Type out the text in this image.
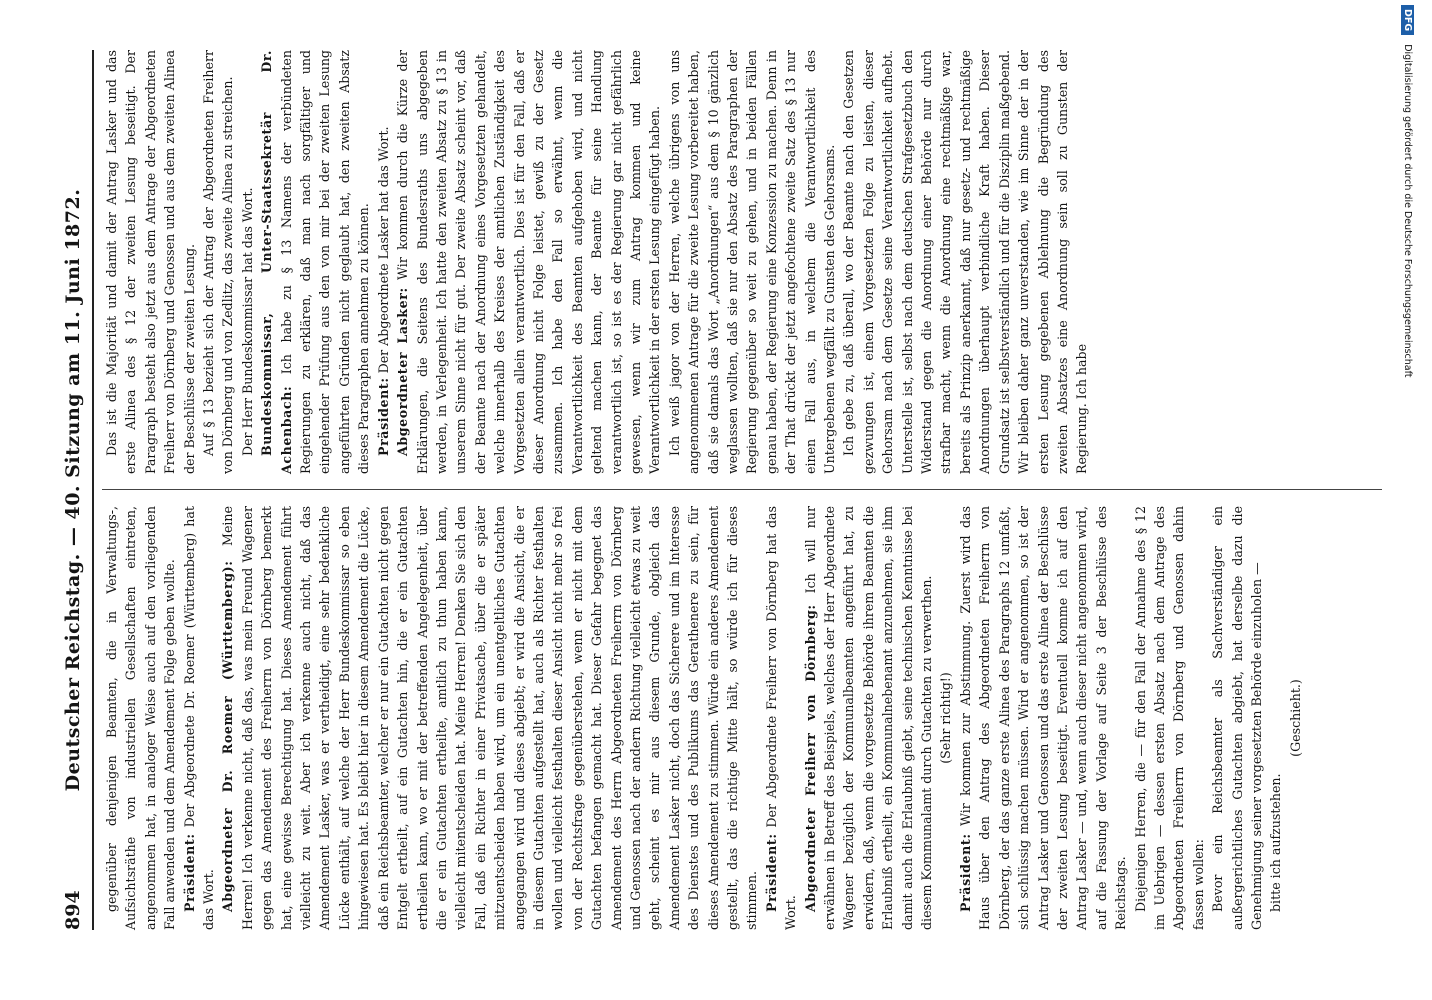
894
Deutscher Reichstag. — 40. Sitzung am 11. Juni 1872. gegenüber denjenigen Beamten, die in Verwaltungs-, Aufsichtsräthe von industriellen Gesellschaften eintreten, angenommen hat, in analoger Weise auch auf den vorliegenden Fall anwenden und dem Amendement Folge geben wollte. Präsident: Der Abgeordnete Dr. Roemer (Württemberg) hat das Wort. Abgeordneter Dr. Roemer (Württemberg): Meine Herren! Ich verkenne nicht, daß das, was mein Freund Wagener gegen das Amendement des Freiherrn von Dörnberg bemerkt hat, eine gewisse Berechtigung hat. Dieses Amendement führt vielleicht zu weit. Aber ich verkenne auch nicht, daß das Amendement Lasker, was er vertheidigt, eine sehr bedenkliche Lücke enthält, auf welche der Herr Bundeskommissar so eben hingewiesen hat. Es bleibt hier in diesem Amendement die Lücke, daß ein Reichsbeamter, welcher er nur ein Gutachten nicht gegen Entgelt ertheilt, auf ein Gutachten hin, die er ein Gutachten ertheilen kann, wo er mit der betreffenden Angelegenheit, über die er ein Gutachten ertheilte, amtlich zu thun haben kann, vielleicht mitentscheiden hat. Meine Herren! Denken Sie sich den Fall, daß ein Richter in einer Privatsache, über die er später mitzuentscheiden haben wird, um ein unentgeltliches Gutachten angegangen wird und dieses abgiebt; er wird die Ansicht, die er in diesem Gutachten aufgestellt hat, auch als Richter festhalten wollen und vielleicht festhalten dieser Ansicht nicht mehr so frei von der Rechtsfrage gegenüberstehen, wenn er nicht mit dem Gutachten befangen gemacht hat. Dieser Gefahr begegnet das Amendement des Herrn Abgeordneten Freiherrn von Dörnberg und Genossen nach der andern Richtung vielleicht etwas zu weit geht, scheint es mir aus diesem Grunde, obgleich das Amendement Lasker nicht, doch das Sicherere und im Interesse des Dienstes und des Publikums das Gerathenere zu sein, für dieses Amendement zu stimmen. Würde ein anderes Amendement gestellt, das die richtige Mitte hält, so würde ich für dieses stimmen. Präsident: Der Abgeordnete Freiherr von Dörnberg hat das Wort.

Abgeordneter Freiherr von Dörnberg: Ich will nur erwähnen in Betreff des Beispiels, welches der Herr Abgeordnete Wagener bezüglich der Kommunalbeamten angeführt hat, zu erwidern, daß, wenn die vorgesetzte Behörde ihrem Beamten die Erlaubniß ertheilt, ein Kommunalnebenamt anzunehmen, sie ihm damit auch die Erlaubniß giebt, seine technischen Kenntnisse bei diesem Kommunalamt durch Gutachten zu verwerthen. (Sehr richtig!)

Präsident: Wir kommen zur Abstimmung. Zuerst wird das Haus über den Antrag des Abgeordneten Freiherrn von Dörnberg, der das ganze erste Alinea des Paragraphs 12 umfaßt, sich schlüssig machen müssen. Wird er angenommen, so ist der Antrag Lasker und Genossen und das erste Alinea der Beschlüsse der zweiten Lesung beseitigt. Eventuell komme ich auf den Antrag Lasker — und, wenn auch dieser nicht angenommen wird, auf die Fassung der Vorlage auf Seite 3 der Beschlüsse des Reichstags. Diejenigen Herren, die — für den Fall der Annahme des § 12 im Uebrigen — dessen ersten Absatz nach dem Antrage des Abgeordneten Freiherrn von Dörnberg und Genossen dahin fassen wollen: Bevor ein Reichsbeamter als Sachverständiger ein außergerichtliches Gutachten abgiebt, hat derselbe dazu die Genehmigung seiner vorgesetzten Behörde einzuholen — bitte ich aufzustehen.

(Geschieht.)

Das ist die Majorität und damit der Antrag Lasker und das erste Alinea des § 12 der zweiten Lesung beseitigt. Der Paragraph besteht also jetzt aus dem Antrage der Abgeordneten Freiherr von Dörnberg und Genossen und aus dem zweiten Alinea der Beschlüsse der zweiten Lesung. Auf § 13 bezieht sich der Antrag der Abgeordneten Freiherr von Dörnberg und von Zedlitz, das zweite Alinea zu streichen. Der Herr Bundeskommissar hat das Wort. Bundeskommissar, Unter-Staatssekretär Dr. Achenbach: Ich habe zu § 13 Namens der verbündeten Regierungen zu erklären, daß man nach sorgfältiger und eingehender Prüfung aus den von mir bei der zweiten Lesung angeführten Gründen nicht geglaubt hat, den zweiten Absatz dieses Paragraphen annehmen zu können. Präsident: Der Abgeordnete Lasker hat das Wort. Abgeordneter Lasker: Wir kommen durch die Kürze der Erklärungen, die Seitens des Bundesraths uns abgegeben werden, in Verlegenheit. Ich hatte den zweiten Absatz zu § 13 in unserem Sinne nicht für gut. Der zweite Absatz scheint vor, daß der Beamte nach der Anordnung eines Vorgesetzten gehandelt, welche innerhalb des Kreises der amtlichen Zuständigkeit des Vorgesetzten allein verantwortlich. Dies ist für den Fall, daß er dieser Anordnung nicht Folge leistet, gewiß zu der Gesetz zusammen. Ich habe den Fall so erwähnt, wenn die Verantwortlichkeit des Beamten aufgehoben wird, und nicht geltend machen kann, der Beamte für seine Handlung verantwortlich ist, so ist es der Regierung gar nicht gefährlich gewesen, wenn wir zum Antrag kommen und keine Verantwortlichkeit in der ersten Lesung eingefügt haben. Ich weiß jagor von der Herren, welche übrigens von uns angenommenen Antrage für die zweite Lesung vorbereitet haben, daß sie damals das Wort „Anordnungen“ aus dem § 10 gänzlich weglassen wollten, daß sie nur den Absatz des Paragraphen der Regierung gegenüber so weit zu gehen, und in beiden Fällen genau haben, der Regierung eine Konzession zu machen. Denn in der That drückt der jetzt angefochtene zweite Satz des § 13 nur einen Fall aus, in welchem die Verantwortlichkeit des Untergebenen wegfällt zu Gunsten des Gehorsams. Ich gebe zu, daß überall, wo der Beamte nach den Gesetzen gezwungen ist, einem Vorgesetzten Folge zu leisten, dieser Gehorsam nach dem Gesetze seine Verantwortlichkeit aufhebt. Unterstelle ist, selbst nach dem deutschen Strafgesetzbuch den Widerstand gegen die Anordnung einer Behörde nur durch strafbar macht, wenn die Anordnung eine rechtmäßige war, bereits als Prinzip anerkannt, daß nur gesetz- und rechtmäßige Anordnungen überhaupt verbindliche Kraft haben. Dieser Grundsatz ist selbstverständlich und für die Disziplin maßgebend. Wir bleiben daher ganz unverstanden, wie im Sinne der in der ersten Lesung gegebenen Ablehnung die Begründung des zweiten Absatzes eine Anordnung sein soll zu Gunsten der Regierung. Ich habe

DFG Digitalisierung gefördert durch die Deutsche Forschungsgemeinschaft
